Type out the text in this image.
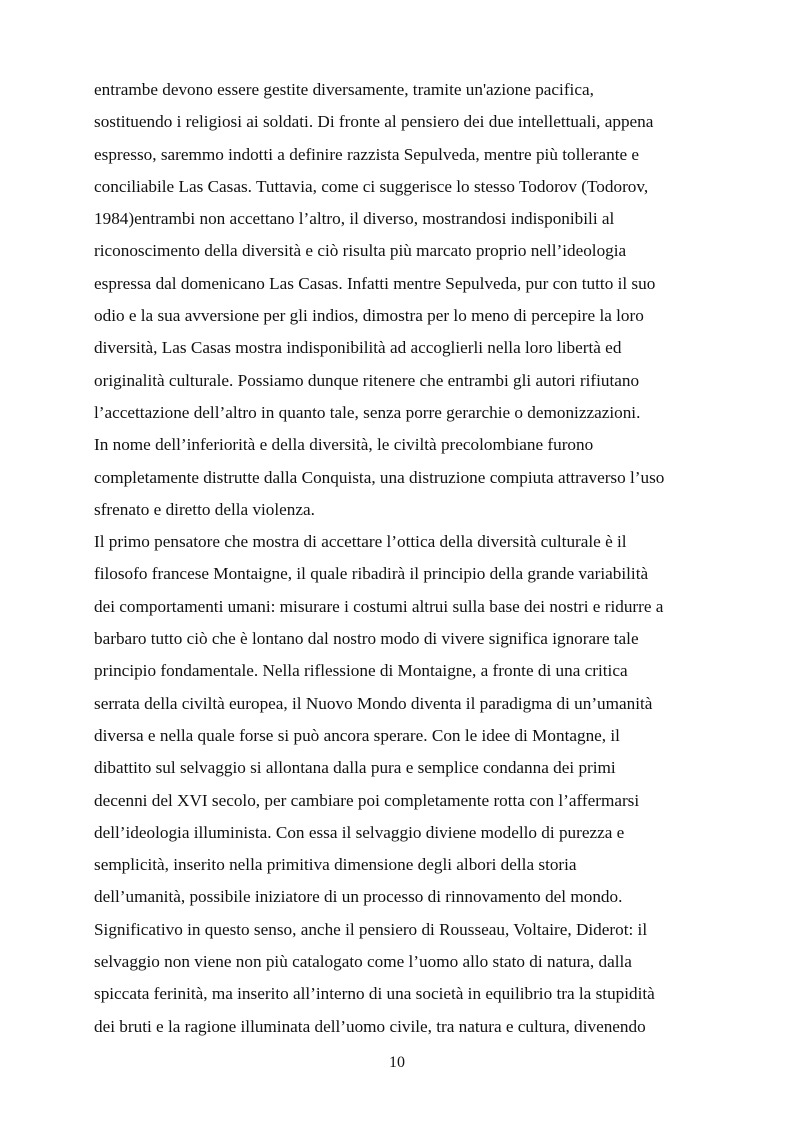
entrambe devono essere gestite diversamente, tramite un'azione pacifica,

sostituendo i religiosi ai soldati. Di fronte al pensiero dei due intellettuali, appena

espresso, saremmo indotti a definire razzista Sepulveda, mentre più tollerante e

conciliabile Las Casas. Tuttavia, come ci suggerisce lo stesso Todorov (Todorov,

1984)entrambi non accettano l’altro, il diverso, mostrandosi indisponibili al

riconoscimento della diversità e ciò risulta più marcato proprio nell’ideologia

espressa dal domenicano Las Casas. Infatti mentre Sepulveda, pur con tutto il suo

odio e la sua avversione per gli indios, dimostra per lo meno di percepire la loro

diversità, Las Casas mostra indisponibilità ad accoglierli nella loro libertà ed

originalità culturale. Possiamo dunque ritenere che entrambi gli autori rifiutano

l’accettazione dell’altro in quanto tale, senza porre gerarchie o demonizzazioni.

In nome dell’inferiorità e della diversità, le civiltà precolombiane furono

completamente distrutte dalla Conquista, una distruzione compiuta attraverso l’uso

sfrenato e diretto della violenza.

Il primo pensatore che mostra di accettare l’ottica della diversità culturale è il

filosofo francese Montaigne, il quale ribadirà il principio della grande variabilità

dei comportamenti umani: misurare i costumi altrui sulla base dei nostri e ridurre a

barbaro tutto ciò che è lontano dal nostro modo di vivere significa ignorare tale

principio fondamentale. Nella riflessione di Montaigne, a fronte di una critica

serrata della civiltà europea, il Nuovo Mondo diventa il paradigma di un’umanità

diversa e nella quale forse si può ancora sperare. Con le idee di Montagne, il

dibattito sul selvaggio si allontana dalla pura e semplice condanna dei primi

decenni del XVI secolo, per cambiare poi completamente rotta con l’affermarsi

dell’ideologia illuminista. Con essa il selvaggio diviene modello di purezza e

semplicità, inserito nella primitiva dimensione degli albori della storia

dell’umanità, possibile iniziatore di un processo di rinnovamento del mondo.

Significativo in questo senso, anche il pensiero di Rousseau, Voltaire, Diderot: il

selvaggio non viene non più catalogato come l’uomo allo stato di natura, dalla

spiccata ferinità, ma inserito all’interno di una società in equilibrio tra la stupidità

dei bruti e la ragione illuminata dell’uomo civile, tra natura e cultura, divenendo

10
